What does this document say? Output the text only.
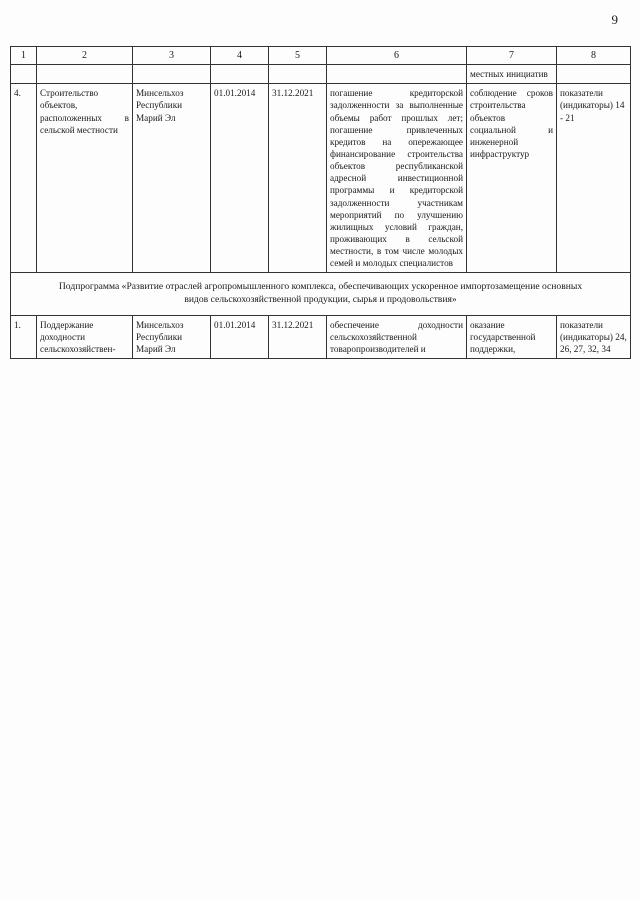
9
1	2	3	4	5	6	7	8
						местных инициатив	
4.	Строительство объектов, расположенных в сельской местности	Минсельхоз Республики Марий Эл	01.01.2014	31.12.2021	погашение кредиторской задолженности за выполненные объемы работ прошлых лет; погашение привлеченных кредитов на опережающее финансирование строительства объектов республиканской адресной инвестиционной программы и кредиторской задолженности участникам мероприятий по улучшению жилищных условий граждан, проживающих в сельской местности, в том числе молодых семей и молодых специалистов	соблюдение сроков строительства объектов социальной и инженерной инфраструктур	показатели (индикаторы) 14 - 21
Подпрограмма «Развитие отраслей агропромышленного комплекса, обеспечивающих ускоренное импортозамещение основных видов сельскохозяйственной продукции, сырья и продовольствия»							
1.	Поддержание доходности сельскохозяйствен-	Минсельхоз Республики Марий Эл	01.01.2014	31.12.2021	обеспечение доходности сельскохозяйственной товаропроизводителей и	оказание государственной поддержки,	показатели (индикаторы) 24, 26, 27, 32, 34
